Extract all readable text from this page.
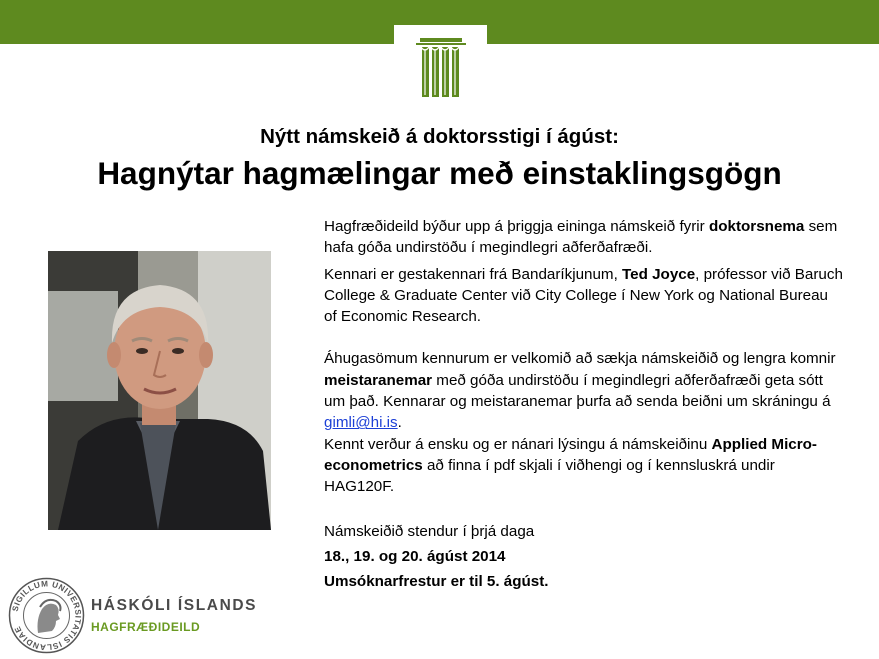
Nýtt námskeið á doktorsstigi í ágúst:
Hagnýtar hagmælingar með einstaklingsgögn

Hagfræðideild býður upp á þriggja eininga námskeið fyrir doktorsnema sem hafa góða undirstöðu í megindlegri aðferðafræði.

Kennari er gestakennari frá Bandaríkjunum, Ted Joyce, prófessor við Baruch College & Graduate Center við City College í New York og National Bureau of Economic Research.

Áhugasömum kennurum er velkomið að sækja námskeiðið og lengra komnir meistaranemar með góða undirstöðu í megindlegri aðferðafræði geta sótt um það. Kennarar og meistaranemar þurfa að senda beiðni um skráningu á gimli@hi.is.

Kennt verður á ensku og er nánari lýsingu á námskeiðinu Applied Micro-econometrics að finna í pdf skjali í viðhengi og í kennsluskrá undir HAG120F.

Námskeiðið stendur í þrjá daga
18., 19. og 20. ágúst 2014
Umsóknarfrestur er til 5. ágúst.
SIGILLUM UNIVERSITATIS ISLANDIAE
HÁSKÓLI ÍSLANDS
HAGFRÆÐIDEILD
